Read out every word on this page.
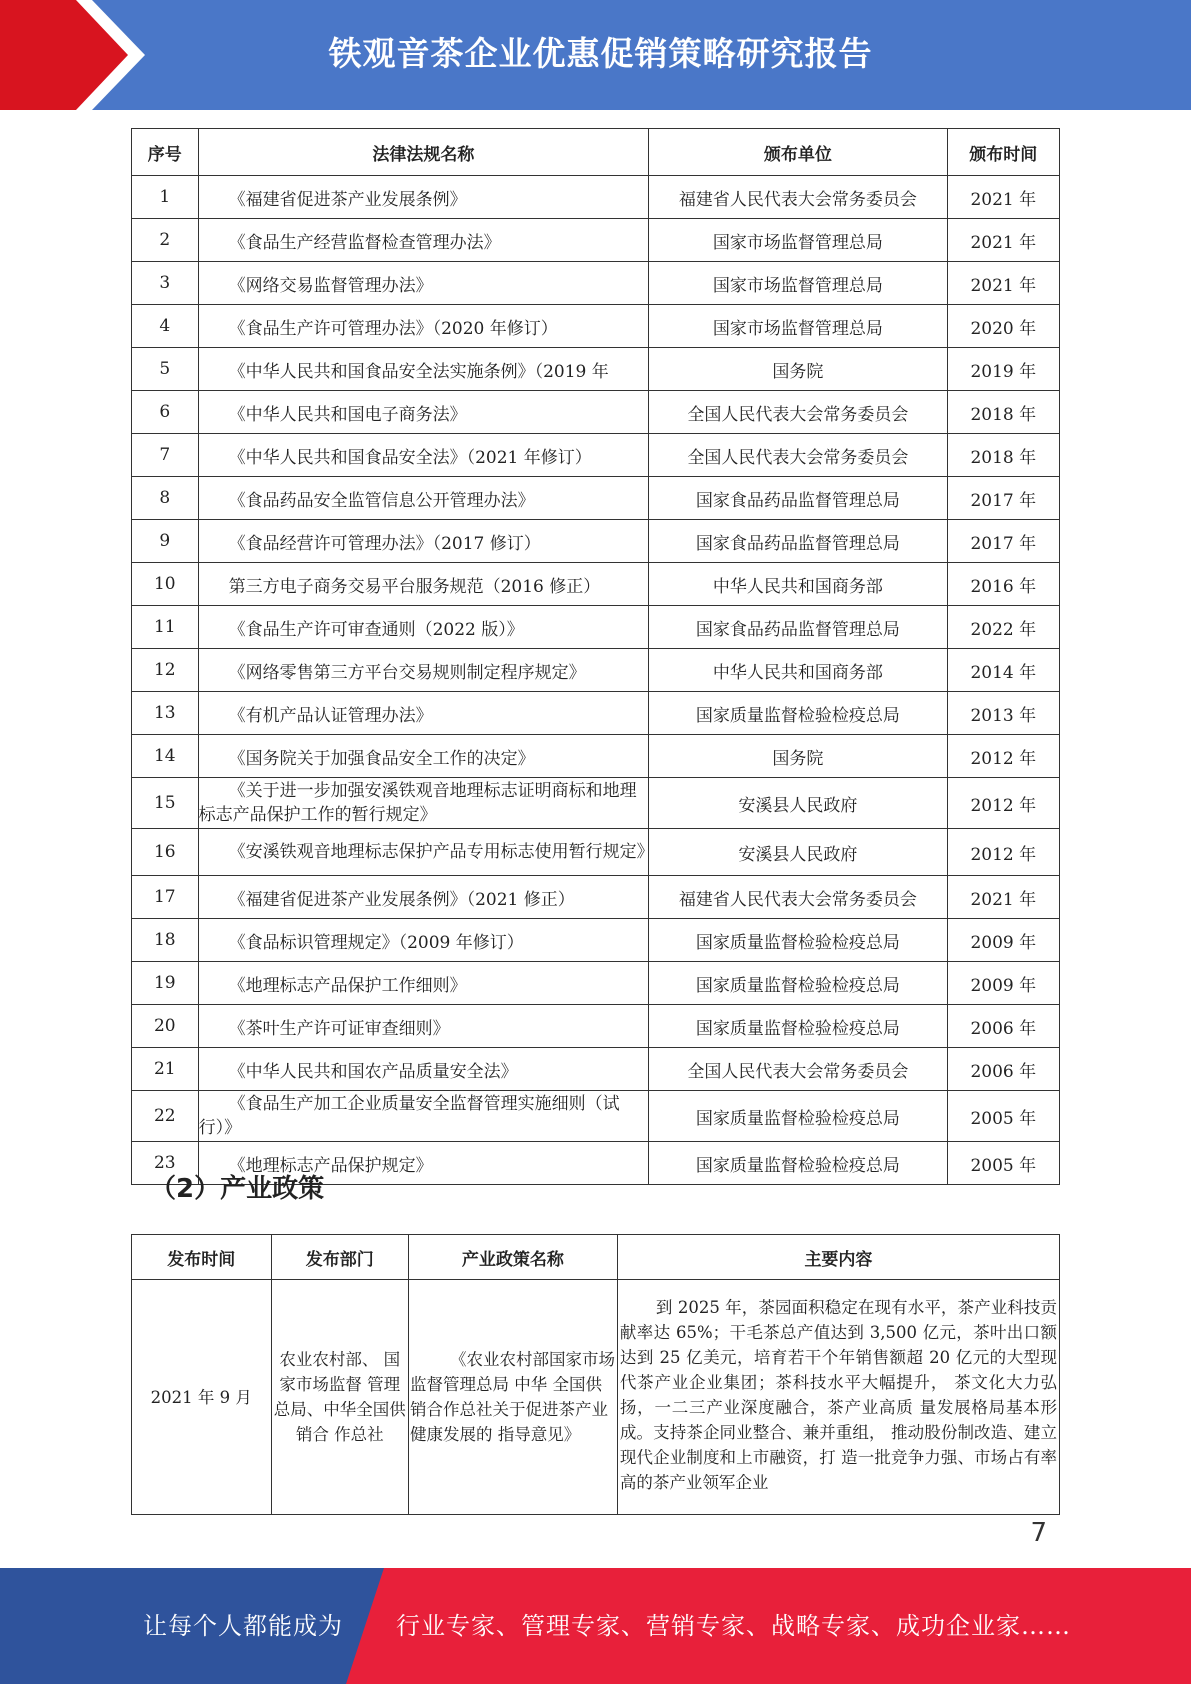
铁观音茶企业优惠促销策略研究报告
序号	法律法规名称	颁布单位	颁布时间
1	《福建省促进茶产业发展条例》	福建省人民代表大会常务委员会	2021 年
2	《食品生产经营监督检查管理办法》	国家市场监督管理总局	2021 年
3	《网络交易监督管理办法》	国家市场监督管理总局	2021 年
4	《食品生产许可管理办法》（2020 年修订）	国家市场监督管理总局	2020 年
5	《中华人民共和国食品安全法实施条例》（2019 年	国务院	2019 年
6	《中华人民共和国电子商务法》	全国人民代表大会常务委员会	2018 年
7	《中华人民共和国食品安全法》（2021 年修订）	全国人民代表大会常务委员会	2018 年
8	《食品药品安全监管信息公开管理办法》	国家食品药品监督管理总局	2017 年
9	《食品经营许可管理办法》（2017 修订）	国家食品药品监督管理总局	2017 年
10	第三方电子商务交易平台服务规范（2016 修正）	中华人民共和国商务部	2016 年
11	《食品生产许可审查通则（2022 版）》	国家食品药品监督管理总局	2022 年
12	《网络零售第三方平台交易规则制定程序规定》	中华人民共和国商务部	2014 年
13	《有机产品认证管理办法》	国家质量监督检验检疫总局	2013 年
14	《国务院关于加强食品安全工作的决定》	国务院	2012 年
15	《关于进一步加强安溪铁观音地理标志证明商标和地理 标志产品保护工作的暂行规定》	安溪县人民政府	2012 年
16	《安溪铁观音地理标志保护产品专用标志使用暂行规定》	安溪县人民政府	2012 年
17	《福建省促进茶产业发展条例》（2021 修正）	福建省人民代表大会常务委员会	2021 年
18	《食品标识管理规定》（2009 年修订）	国家质量监督检验检疫总局	2009 年
19	《地理标志产品保护工作细则》	国家质量监督检验检疫总局	2009 年
20	《茶叶生产许可证审查细则》	国家质量监督检验检疫总局	2006 年
21	《中华人民共和国农产品质量安全法》	全国人民代表大会常务委员会	2006 年
22	《食品生产加工企业质量安全监督管理实施细则（试行）》	国家质量监督检验检疫总局	2005 年
23	《地理标志产品保护规定》	国家质量监督检验检疫总局	2005 年
（2）产业政策
发布时间	发布部门	产业政策名称	主要内容
2021 年 9 月	农业农村部、 国家市场监督 管理总局、中华全国供销合 作总社	《农业农村部国家市场监督管理总局 中华 全国供销合作总社关于促进茶产业健康发展的 指导意见》	到 2025 年，茶园面积稳定在现有水平，茶产业科技贡 献率达 65%；干毛茶总产值达到 3,500 亿元，茶叶出口额达到 25 亿美元，培育若干个年销售额超 20 亿元的大型现代茶产业企业集团；茶科技水平大幅提升， 茶文化大力弘扬，一二三产业深度融合，茶产业高质 量发展格局基本形成。支持茶企同业整合、兼并重组， 推动股份制改造、建立现代企业制度和上市融资，打 造一批竞争力强、市场占有率高的茶产业领军企业
7
让每个人都能成为 行业专家、管理专家、营销专家、战略专家、成功企业家……
